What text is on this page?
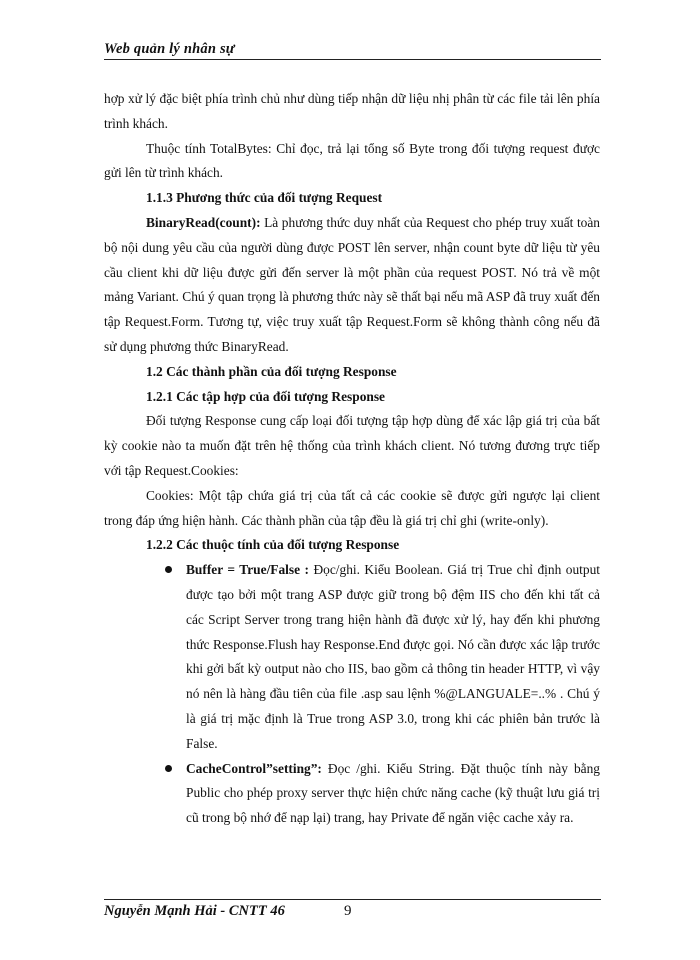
Web quản lý nhân sự

hợp xử lý đặc biệt phía trình chủ như dùng tiếp nhận dữ liệu nhị phân từ các file tải lên phía trình khách.

Thuộc tính TotalBytes: Chỉ đọc, trả lại tổng số Byte trong đối tượng request được gửi lên từ trình khách.

1.1.3 Phương thức của đối tượng Request

BinaryRead(count): Là phương thức duy nhất của Request cho phép truy xuất toàn bộ nội dung yêu cầu của người dùng được POST lên server, nhận count byte dữ liệu từ yêu cầu client khi dữ liệu được gửi đến server là một phần của request POST. Nó trả về một mảng Variant. Chú ý quan trọng là phương thức này sẽ thất bại nếu mã ASP đã truy xuất đến tập Request.Form. Tương tự, việc truy xuất tập Request.Form sẽ không thành công nếu đã sử dụng phương thức BinaryRead.

1.2 Các thành phần của đối tượng Response

1.2.1 Các tập hợp của đối tượng Response

Đối tượng Response cung cấp loại đối tượng tập hợp dùng để xác lập giá trị của bất kỳ cookie nào ta muốn đặt trên hệ thống của trình khách client. Nó tương đương trực tiếp với tập Request.Cookies:

Cookies: Một tập chứa giá trị của tất cả các cookie sẽ được gửi ngược lại client trong đáp ứng hiện hành. Các thành phần của tập đều là giá trị chỉ ghi (write-only).

1.2.2 Các thuộc tính của đối tượng Response

Buffer = True/False : Đọc/ghi. Kiểu Boolean. Giá trị True chỉ định output được tạo bởi một trang ASP được giữ trong bộ đệm IIS cho đến khi tất cả các Script Server trong trang hiện hành đã được xử lý, hay đến khi phương thức Response.Flush hay Response.End được gọi. Nó cần được xác lập trước khi gởi bất kỳ output nào cho IIS, bao gồm cả thông tin header HTTP, vì vậy nó nên là hàng đầu tiên của file .asp sau lệnh %@LANGUALE=..% . Chú ý là giá trị mặc định là True trong ASP 3.0, trong khi các phiên bản trước là False.
CacheControl”setting”: Đọc /ghi. Kiểu String. Đặt thuộc tính này bằng Public cho phép proxy server thực hiện chức năng cache (kỹ thuật lưu giá trị cũ trong bộ nhớ để nạp lại) trang, hay Private để ngăn việc cache xảy ra.
Nguyễn Mạnh Hải - CNTT 46	9
